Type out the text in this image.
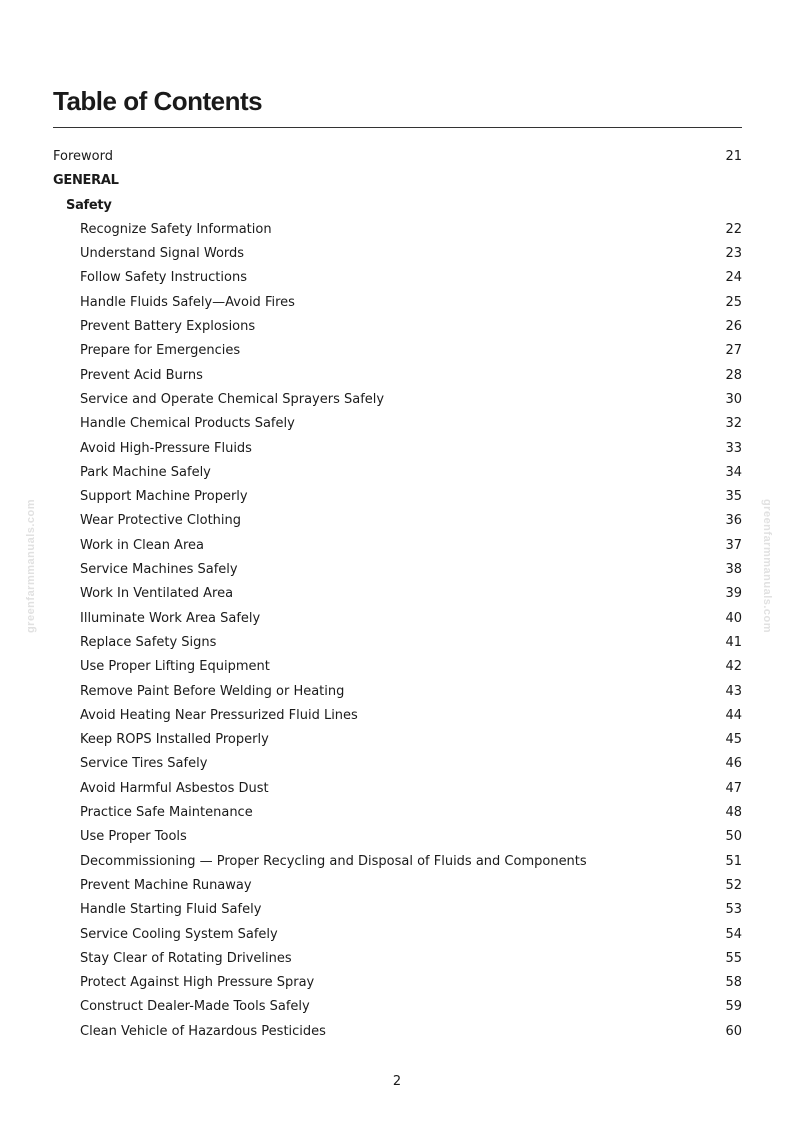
Table of Contents
Foreword	21
GENERAL
Safety
Recognize Safety Information	22
Understand Signal Words	23
Follow Safety Instructions	24
Handle Fluids Safely—Avoid Fires	25
Prevent Battery Explosions	26
Prepare for Emergencies	27
Prevent Acid Burns	28
Service and Operate Chemical Sprayers Safely	30
Handle Chemical Products Safely	32
Avoid High-Pressure Fluids	33
Park Machine Safely	34
Support Machine Properly	35
Wear Protective Clothing	36
Work in Clean Area	37
Service Machines Safely	38
Work In Ventilated Area	39
Illuminate Work Area Safely	40
Replace Safety Signs	41
Use Proper Lifting Equipment	42
Remove Paint Before Welding or Heating	43
Avoid Heating Near Pressurized Fluid Lines	44
Keep ROPS Installed Properly	45
Service Tires Safely	46
Avoid Harmful Asbestos Dust	47
Practice Safe Maintenance	48
Use Proper Tools	50
Decommissioning — Proper Recycling and Disposal of Fluids and Components	51
Prevent Machine Runaway	52
Handle Starting Fluid Safely	53
Service Cooling System Safely	54
Stay Clear of Rotating Drivelines	55
Protect Against High Pressure Spray	58
Construct Dealer-Made Tools Safely	59
Clean Vehicle of Hazardous Pesticides	60
greenfarmmanuals.com	greenfarmmanuals.com
2
